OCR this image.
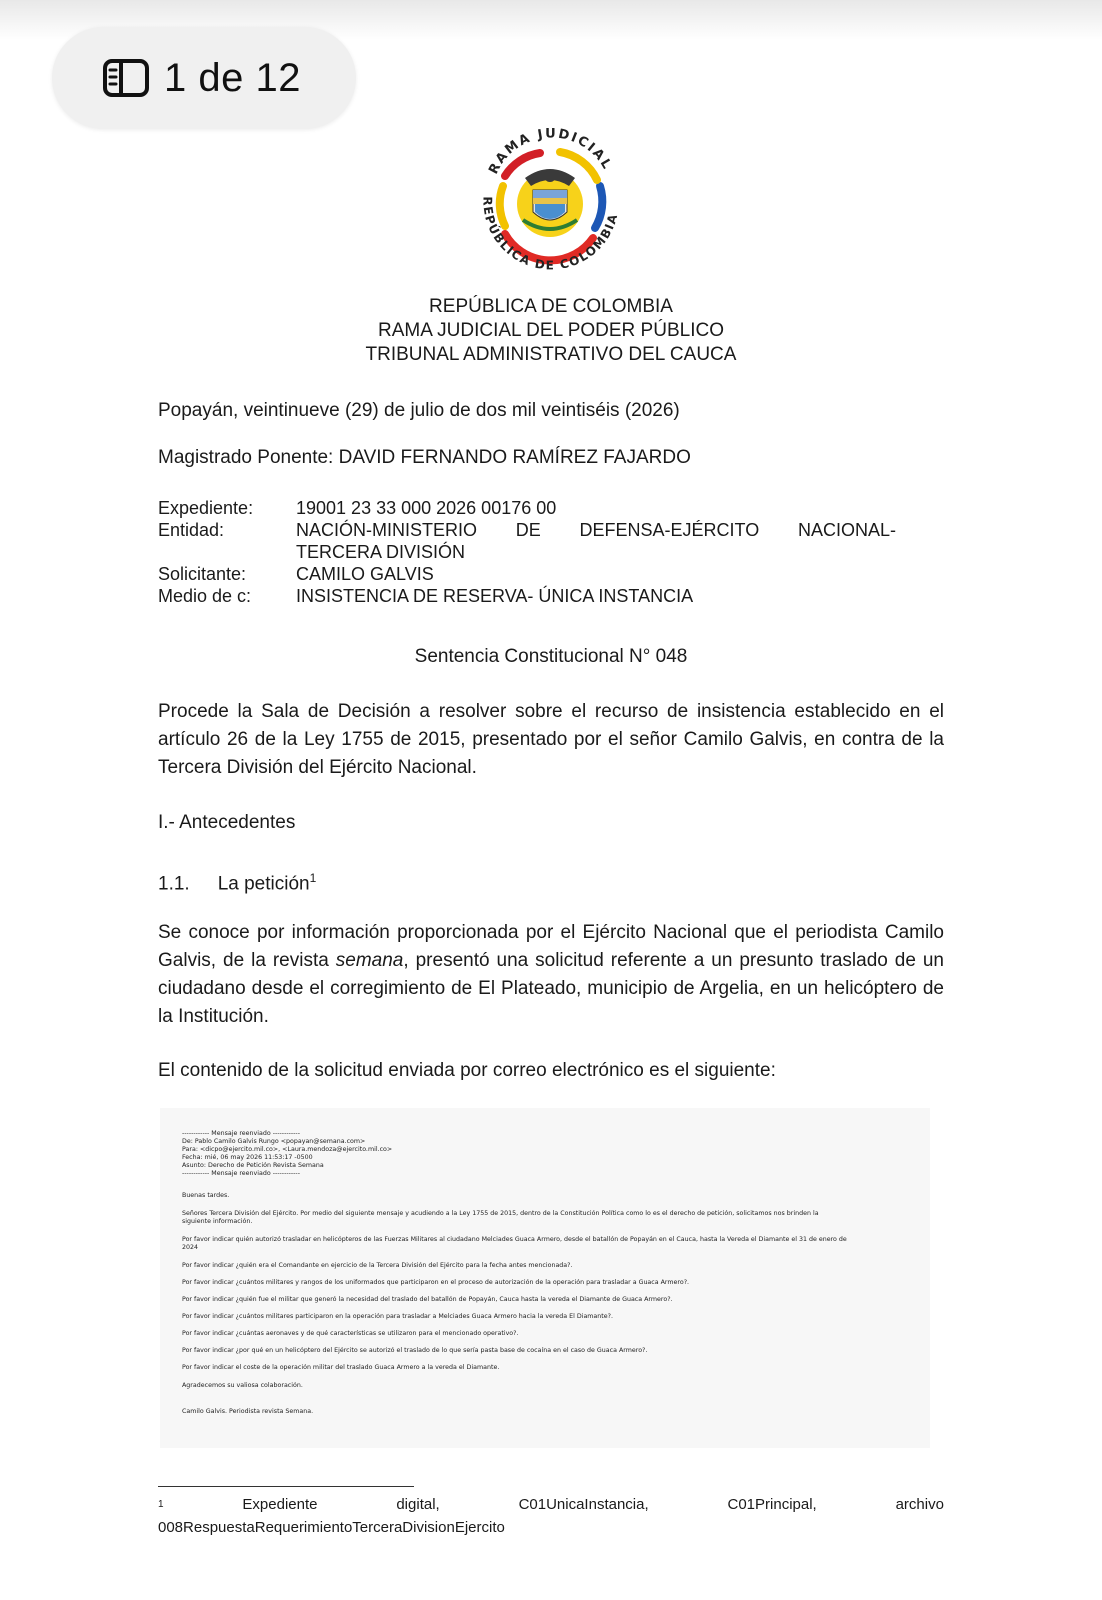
1 de 12
RAMA JUDICIAL
REPÚBLICA DE COLOMBIA
REPÚBLICA DE COLOMBIA
RAMA JUDICIAL DEL PODER PÚBLICO
TRIBUNAL ADMINISTRATIVO DEL CAUCA
Popayán, veintinueve (29) de julio de dos mil veintiséis (2026)
Magistrado Ponente: DAVID FERNANDO RAMÍREZ FAJARDO
Expediente:	19001 23 33 000 2026 00176 00
Entidad:	NACIÓN-MINISTERIO DE DEFENSA-EJÉRCITO NACIONAL-
TERCERA DIVISIÓN
Solicitante:	CAMILO GALVIS
Medio de c:	INSISTENCIA DE RESERVA- ÚNICA INSTANCIA
Sentencia Constitucional N° 048
Procede la Sala de Decisión a resolver sobre el recurso de insistencia establecido en el artículo 26 de la Ley 1755 de 2015, presentado por el señor Camilo Galvis, en contra de la Tercera División del Ejército Nacional.
I.- Antecedentes
1.1. La petición$^1$
Se conoce por información proporcionada por el Ejército Nacional que el periodista Camilo Galvis, de la revista semana, presentó una solicitud referente a un presunto traslado de un ciudadano desde el corregimiento de El Plateado, municipio de Argelia, en un helicóptero de la Institución.
El contenido de la solicitud enviada por correo electrónico es el siguiente:
------------ Mensaje reenviado ------------
De: Pablo Camilo Galvis Rungo <popayan@semana.com>
Para: <dicpo@ejercito.mil.co>, <Laura.mendoza@ejercito.mil.co>
Fecha: mié, 06 may 2026 11:53:17 -0500
Asunto: Derecho de Petición Revista Semana
------------ Mensaje reenviado ------------
Buenas tardes.
Señores Tercera División del Ejército. Por medio del siguiente mensaje y acudiendo a la Ley 1755 de 2015, dentro de la Constitución Política como lo es el derecho de petición, solicitamos nos brinden la
siguiente información.
Por favor indicar quién autorizó trasladar en helicópteros de las Fuerzas Militares al ciudadano Melciades Guaca Armero, desde el batallón de Popayán en el Cauca, hasta la Vereda el Diamante el 31 de enero de
2024
Por favor indicar ¿quién era el Comandante en ejercicio de la Tercera División del Ejército para la fecha antes mencionada?.
Por favor indicar ¿cuántos militares y rangos de los uniformados que participaron en el proceso de autorización de la operación para trasladar a Guaca Armero?.
Por favor indicar ¿quién fue el militar que generó la necesidad del traslado del batallón de Popayán, Cauca hasta la vereda el Diamante de Guaca Armero?.
Por favor indicar ¿cuántos militares participaron en la operación para trasladar a Melciades Guaca Armero hacia la vereda El Diamante?.
Por favor indicar ¿cuántas aeronaves y de qué características se utilizaron para el mencionado operativo?.
Por favor indicar ¿por qué en un helicóptero del Ejército se autorizó el traslado de lo que sería pasta base de cocaína en el caso de Guaca Armero?.
Por favor indicar el coste de la operación militar del traslado Guaca Armero a la vereda el Diamante.
Agradecemos su valiosa colaboración.
Camilo Galvis. Periodista revista Semana.
$^1$	Expediente	digital,	C01UnicaInstancia,	C01Principal,	archivo
008RespuestaRequerimientoTerceraDivisionEjercito
